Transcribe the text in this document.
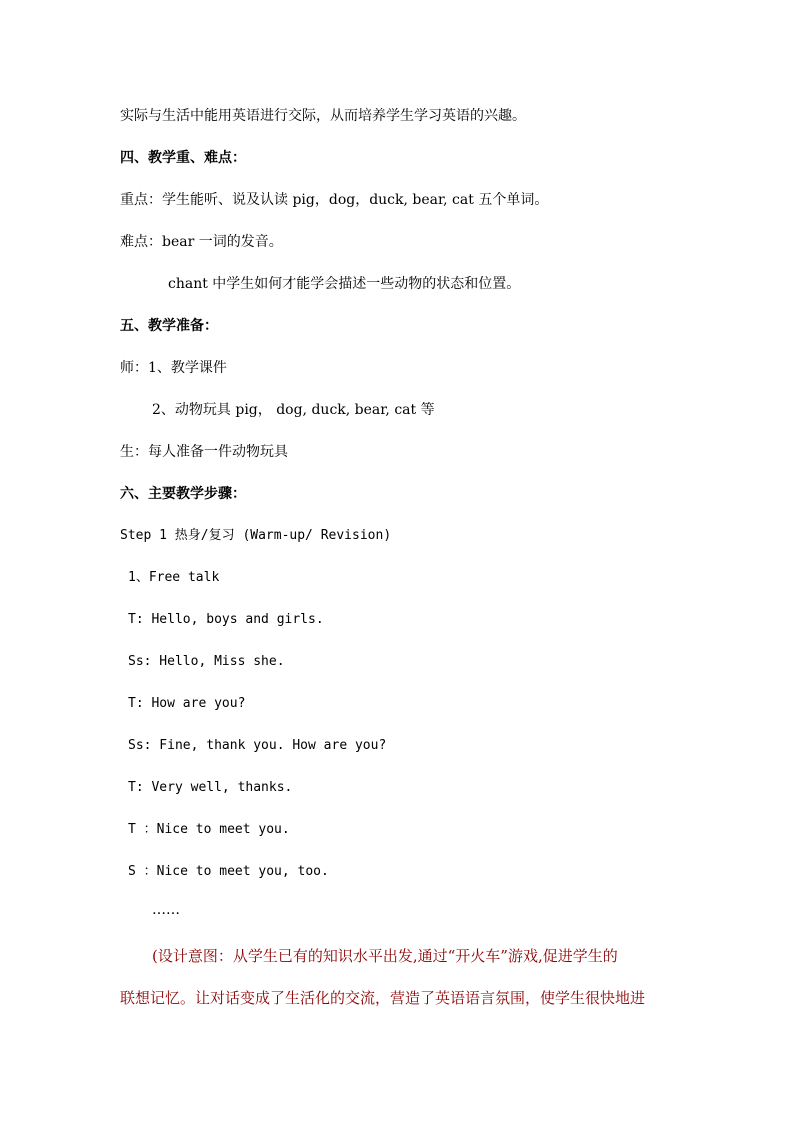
实际与生活中能用英语进行交际，从而培养学生学习英语的兴趣。
四、教学重、难点：
重点：学生能听、说及认读 pig，dog，duck, bear, cat 五个单词。
难点：bear 一词的发音。
chant 中学生如何才能学会描述一些动物的状态和位置。
五、教学准备：
师：1、教学课件
2、动物玩具 pig， dog, duck, bear, cat 等
生：每人准备一件动物玩具
六、主要教学步骤：
Step 1 热身/复习 (Warm-up/ Revision)
1、Free talk
T: Hello, boys and girls.
Ss: Hello, Miss she.
T: How are you?
Ss: Fine, thank you. How are you?
T: Very well, thanks.
T ：Nice to meet you.
S ：Nice to meet you, too.
……
(设计意图：从学生已有的知识水平出发,通过“开火车”游戏,促进学生的
联想记忆。让对话变成了生活化的交流，营造了英语语言氛围，使学生很快地进
